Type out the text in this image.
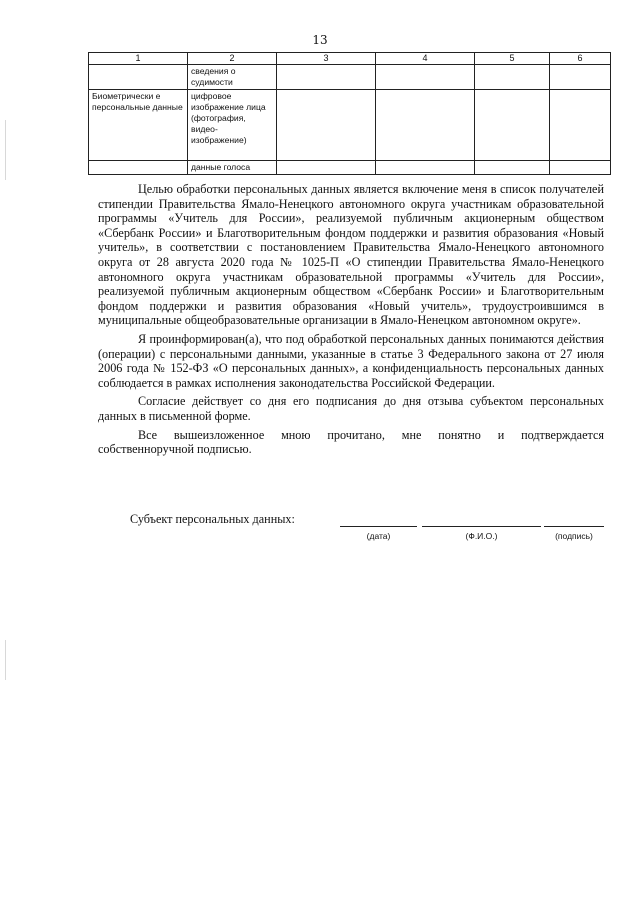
13
1	2	3	4	5	6
	сведения о судимости				
Биометрически е персональные данные	цифровое изображение лица (фотография, видео-изображение)				
	данные голоса				

Целью обработки персональных данных является включение меня в список получателей стипендии Правительства Ямало-Ненецкого автономного округа участникам образовательной программы «Учитель для России», реализуемой публичным акционерным обществом «Сбербанк России» и Благотворительным фондом поддержки и развития образования «Новый учитель», в соответствии с постановлением Правительства Ямало-Ненецкого автономного округа от 28 августа 2020 года № 1025-П «О стипендии Правительства Ямало-Ненецкого автономного округа участникам образовательной программы «Учитель для России», реализуемой публичным акционерным обществом «Сбербанк России» и Благотворительным фондом поддержки и развития образования «Новый учитель», трудоустроившимся в муниципальные общеобразовательные организации в Ямало-Ненецком автономном округе».

Я проинформирован(а), что под обработкой персональных данных понимаются действия (операции) с персональными данными, указанные в статье 3 Федерального закона от 27 июля 2006 года № 152-ФЗ «О персональных данных», а конфиденциальность персональных данных соблюдается в рамках исполнения законодательства Российской Федерации.

Согласие действует со дня его подписания до дня отзыва субъектом персональных данных в письменной форме.

Все вышеизложенное мною прочитано, мне понятно и подтверждается собственноручной подписью.

Субъект персональных данных:
(дата)	(Ф.И.О.)	(подпись)
